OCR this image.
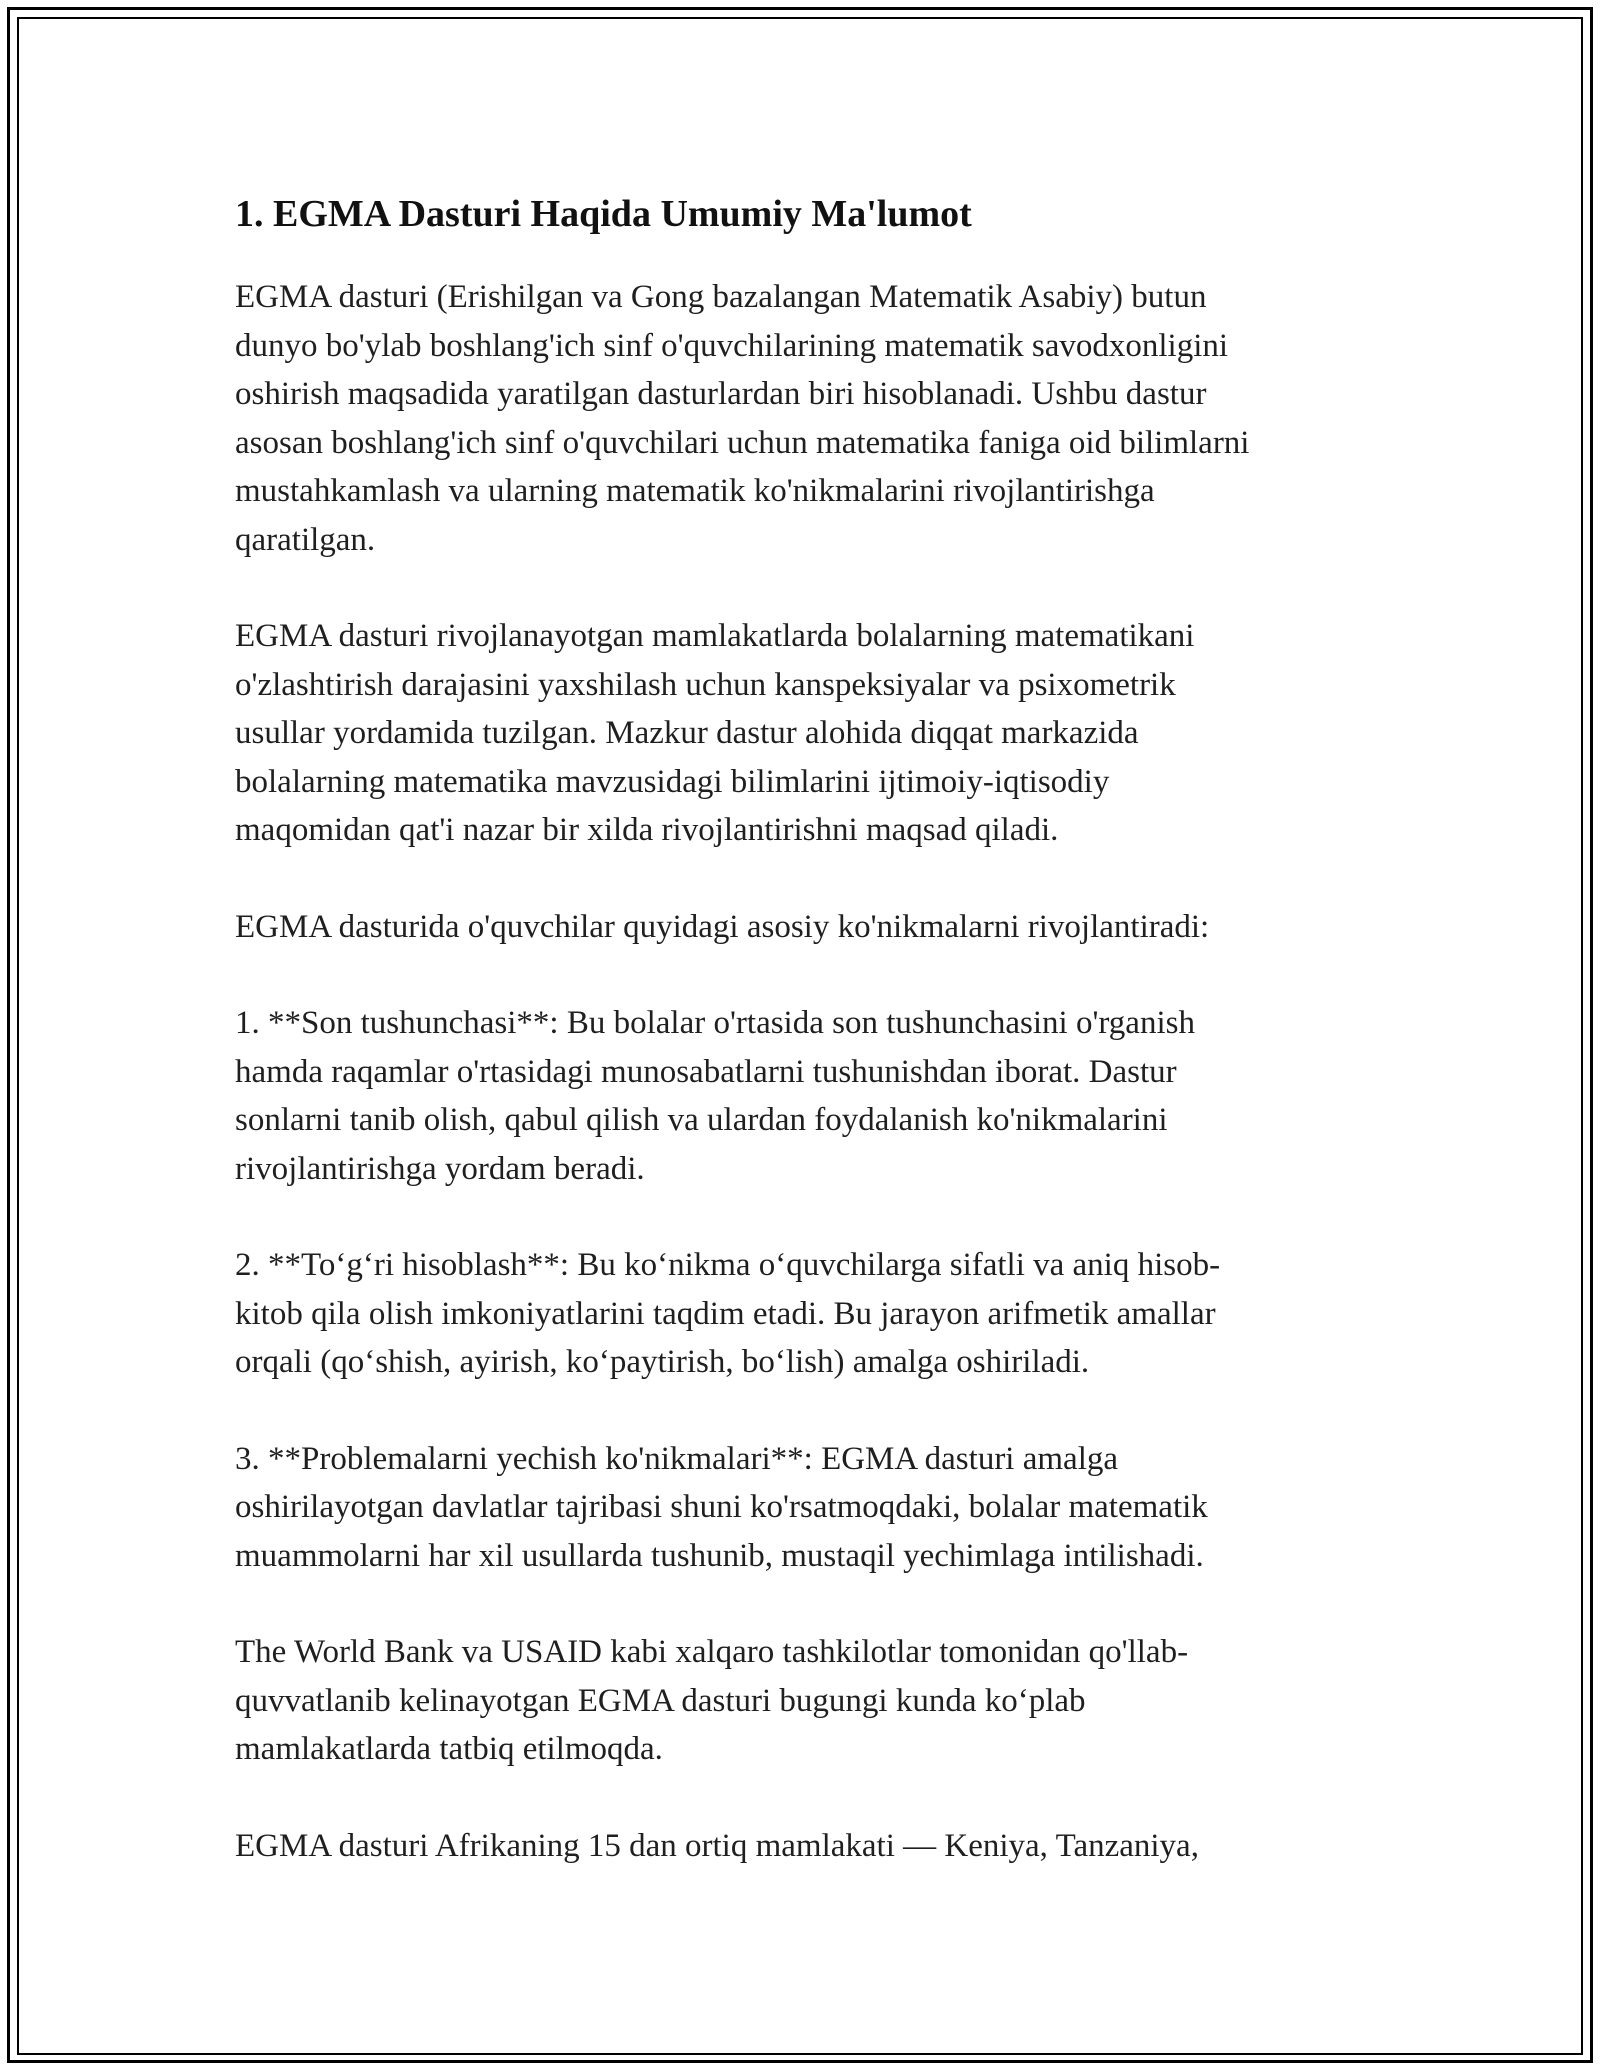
1. EGMA Dasturi Haqida Umumiy Ma'lumot

EGMA dasturi (Erishilgan va Gong bazalangan Matematik Asabiy) butun
dunyo bo'ylab boshlang'ich sinf o'quvchilarining matematik savodxonligini
oshirish maqsadida yaratilgan dasturlardan biri hisoblanadi. Ushbu dastur
asosan boshlang'ich sinf o'quvchilari uchun matematika faniga oid bilimlarni
mustahkamlash va ularning matematik ko'nikmalarini rivojlantirishga
qaratilgan.

EGMA dasturi rivojlanayotgan mamlakatlarda bolalarning matematikani
o'zlashtirish darajasini yaxshilash uchun kanspeksiyalar va psixometrik
usullar yordamida tuzilgan. Mazkur dastur alohida diqqat markazida
bolalarning matematika mavzusidagi bilimlarini ijtimoiy-iqtisodiy
maqomidan qat'i nazar bir xilda rivojlantirishni maqsad qiladi.

EGMA dasturida o'quvchilar quyidagi asosiy ko'nikmalarni rivojlantiradi:

1. **Son tushunchasi**: Bu bolalar o'rtasida son tushunchasini o'rganish
hamda raqamlar o'rtasidagi munosabatlarni tushunishdan iborat. Dastur
sonlarni tanib olish, qabul qilish va ulardan foydalanish ko'nikmalarini
rivojlantirishga yordam beradi.

2. **To‘g‘ri hisoblash**: Bu ko‘nikma o‘quvchilarga sifatli va aniq hisob-
kitob qila olish imkoniyatlarini taqdim etadi. Bu jarayon arifmetik amallar
orqali (qo‘shish, ayirish, ko‘paytirish, bo‘lish) amalga oshiriladi.

3. **Problemalarni yechish ko'nikmalari**: EGMA dasturi amalga
oshirilayotgan davlatlar tajribasi shuni ko'rsatmoqdaki, bolalar matematik
muammolarni har xil usullarda tushunib, mustaqil yechimlaga intilishadi.

The World Bank va USAID kabi xalqaro tashkilotlar tomonidan qo'llab-
quvvatlanib kelinayotgan EGMA dasturi bugungi kunda ko‘plab
mamlakatlarda tatbiq etilmoqda.

EGMA dasturi Afrikaning 15 dan ortiq mamlakati — Keniya, Tanzaniya,
